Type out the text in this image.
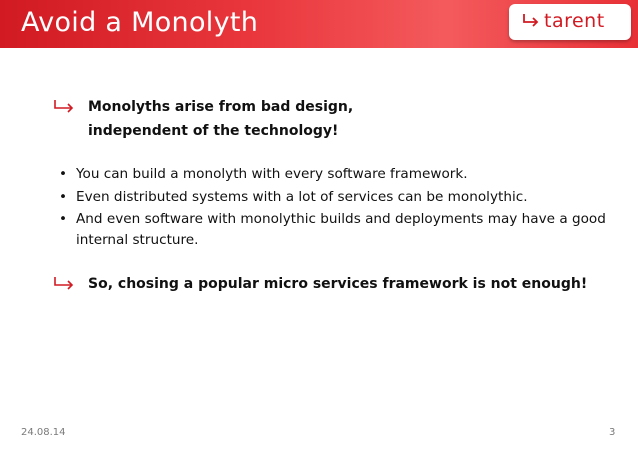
Avoid a Monolyth	tarent
Monolyths arise from bad design,
independent of the technology!
• You can build a monolyth with every software framework.
• Even distributed systems with a lot of services can be monolythic.
• And even software with monolythic builds and deployments may have a good internal structure.
So, chosing a popular micro services framework is not enough!
24.08.14	3
